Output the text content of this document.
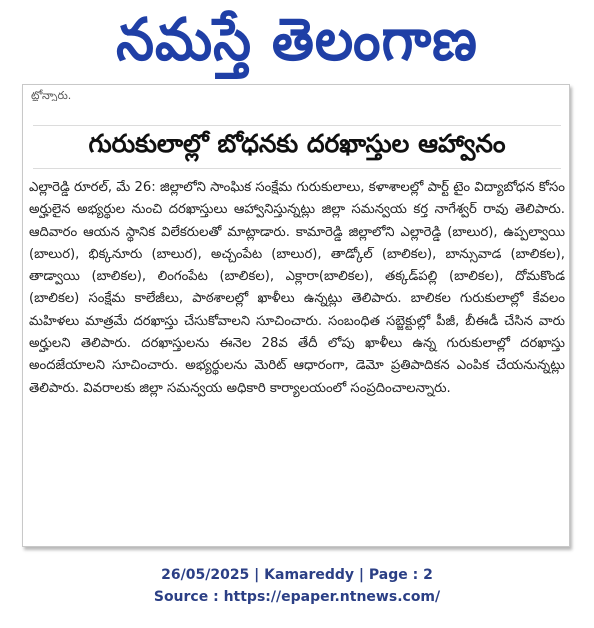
నమస్తే తెలంగాణ
ట్లోన్నారు.
గురుకులాల్లో బోధనకు దరఖాస్తుల ఆహ్వానం

ఎల్లారెడ్డి రూరల్, మే 26: జిల్లాలోని సాంఘిక సంక్షేమ గురుకులాలు, కళాశాలల్లో పార్ట్ టైం విద్యాబోధన కోసం అర్హులైన అభ్యర్థుల నుంచి దరఖాస్తులు ఆహ్వానిస్తున్నట్లు జిల్లా సమన్వయ కర్త నాగేశ్వర్ రావు తెలిపారు. ఆదివారం ఆయన స్థానిక విలేకరులతో మాట్లాడారు. కామారెడ్డి జిల్లాలోని ఎల్లారెడ్డి (బాలుర), ఉప్పల్వాయి (బాలుర), భిక్కనూరు (బాలుర), అచ్చంపేట (బాలుర), తాడ్కోల్ (బాలికల), బాన్సువాడ (బాలికల), తాడ్వాయి (బాలికల), లింగంపేట (బాలికల), ఎక్లారా(బాలికల), తక్కడ్‌పల్లి (బాలికల), దోమకొండ (బాలికల) సంక్షేమ కాలేజీలు, పాఠశాలల్లో ఖాళీలు ఉన్నట్లు తెలిపారు. బాలికల గురుకులాల్లో కేవలం మహిళలు మాత్రమే దరఖాస్తు చేసుకోవాలని సూచించారు. సంబంధిత సబ్జెక్టుల్లో పీజీ, బీఈడీ చేసిన వారు అర్హులని తెలిపారు. దరఖాస్తులను ఈనెల 28వ తేదీ లోపు ఖాళీలు ఉన్న గురుకులాల్లో దరఖాస్తు అందజేయాలని సూచించారు. అభ్యర్థులను మెరిట్ ఆధారంగా, డెమో ప్రతిపాదికన ఎంపిక చేయనున్నట్లు తెలిపారు. వివరాలకు జిల్లా సమన్వయ అధికారి కార్యాలయంలో సంప్రదించాలన్నారు.

26/05/2025 | Kamareddy | Page : 2
Source : https://epaper.ntnews.com/
